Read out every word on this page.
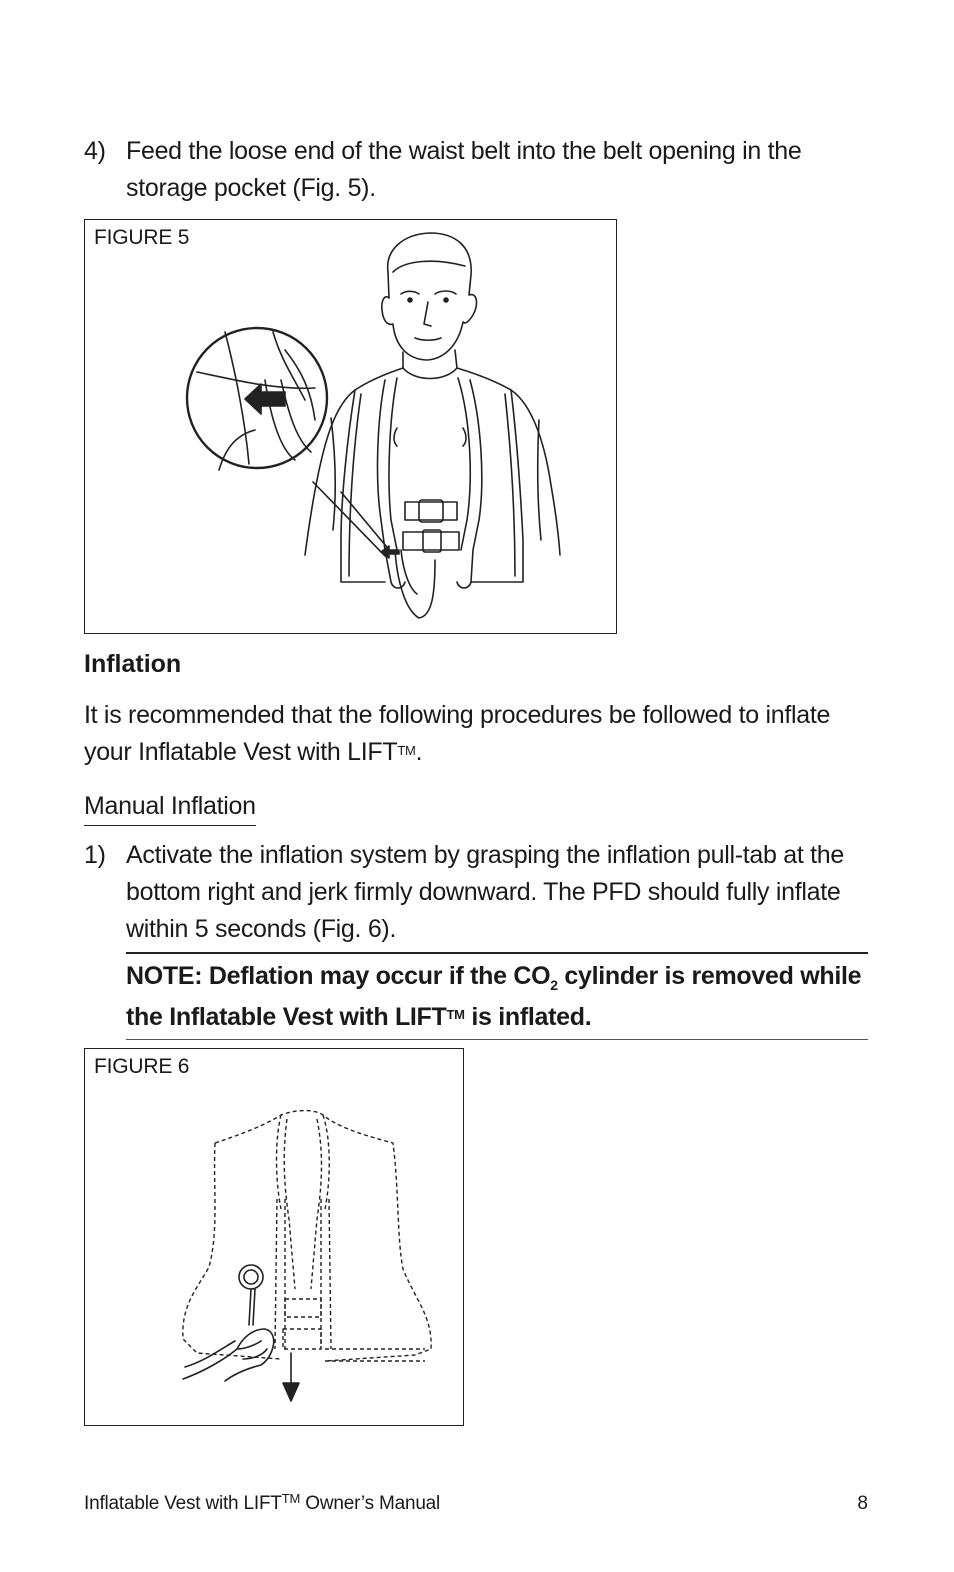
4) Feed the loose end of the waist belt into the belt opening in the storage pocket (Fig. 5).
FIGURE 5
Inflation
It is recommended that the following procedures be followed to inflate your Inflatable Vest with LIFT™.
Manual Inflation
1) Activate the inflation system by grasping the inflation pull-tab at the bottom right and jerk firmly downward. The PFD should fully inflate within 5 seconds (Fig. 6).
NOTE: Deflation may occur if the $CO_2$ cylinder is removed while the Inflatable Vest with LIFT™ is inflated.
FIGURE 6
Inflatable Vest with LIFT™ Owner’s Manual	8
